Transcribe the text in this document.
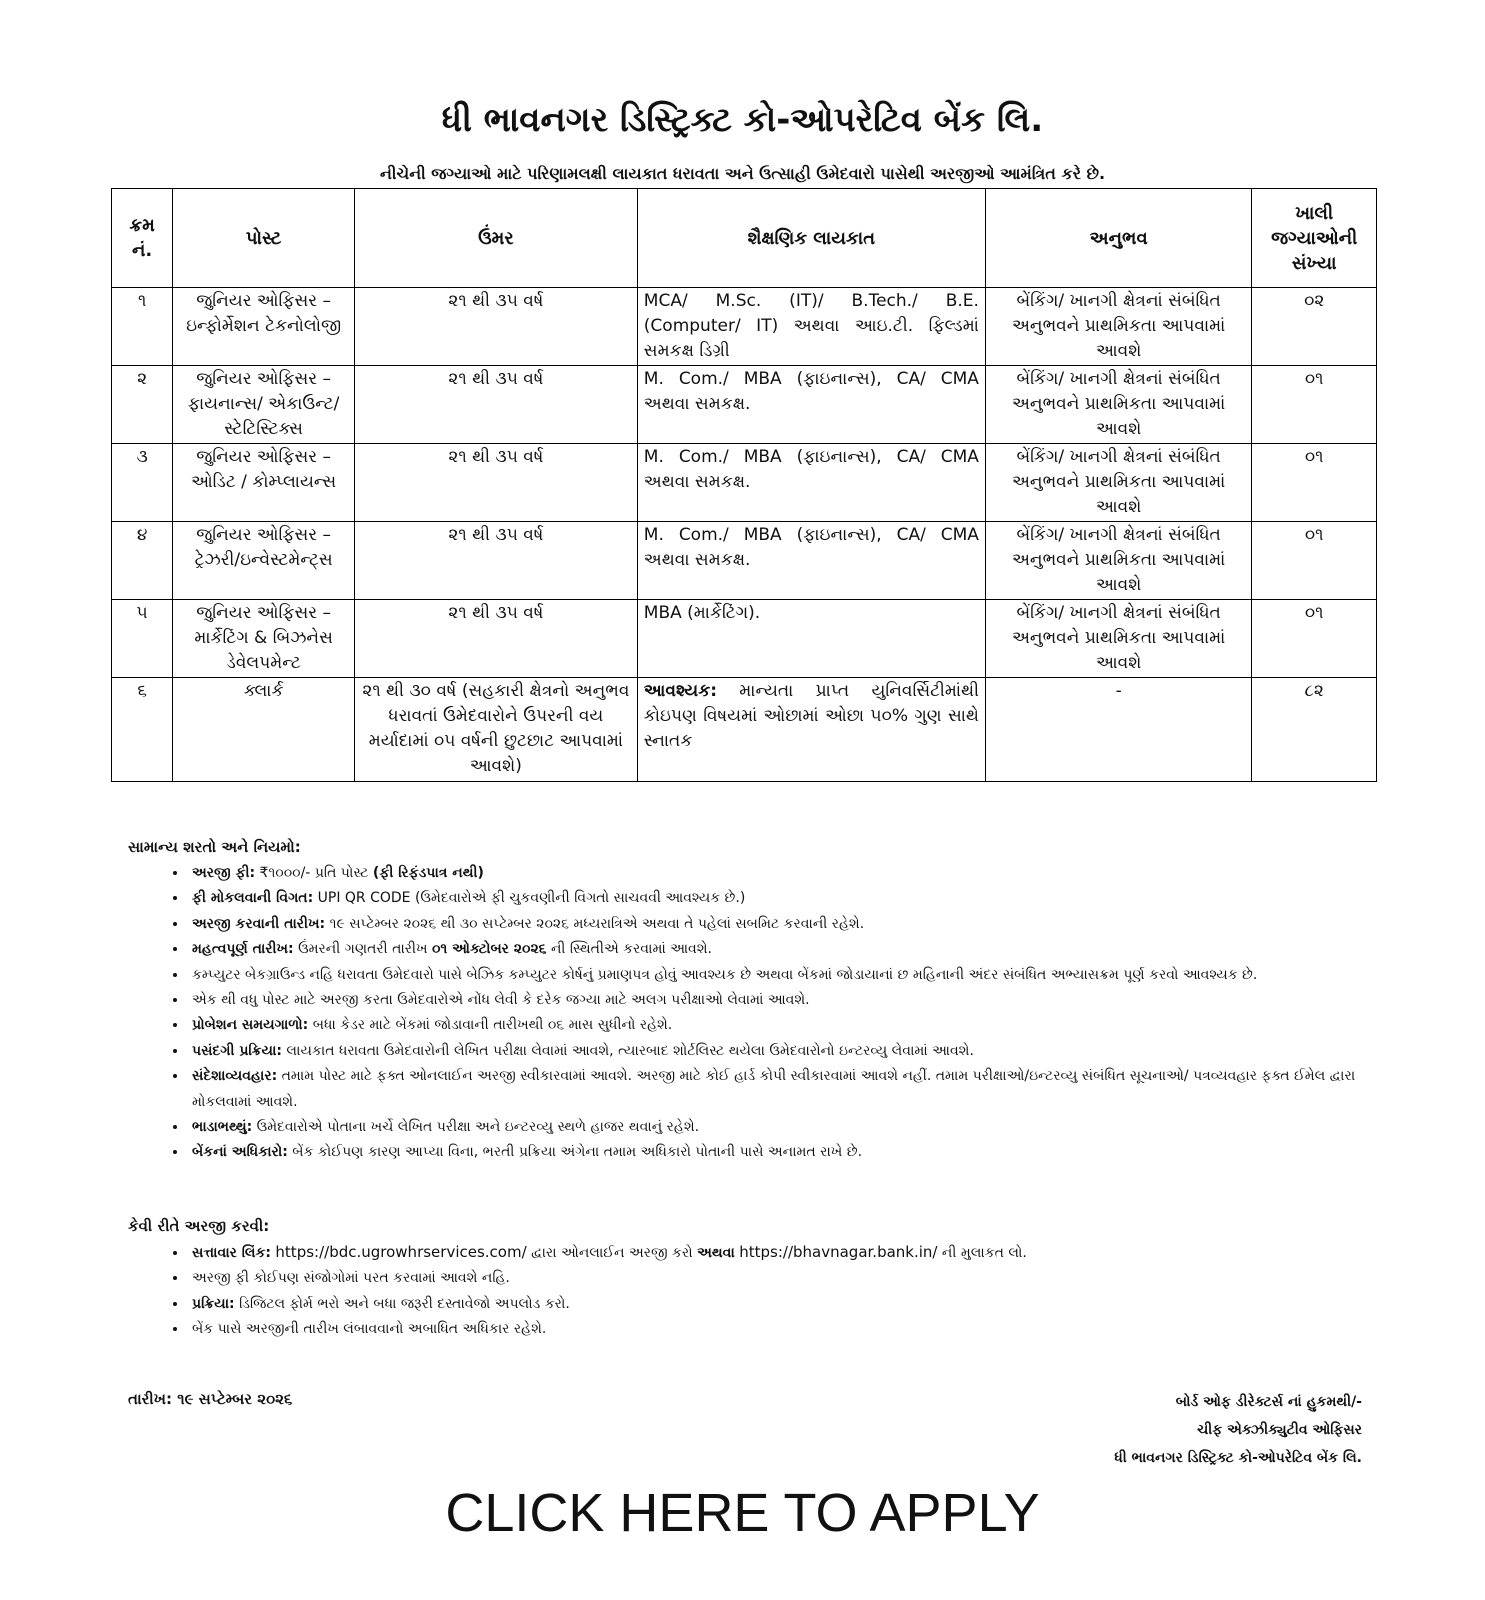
ધી ભાવનગર ડિસ્ટ્રિક્ટ કો-ઓપરેટિવ બેંક લિ.

નીચેની જગ્યાઓ માટે પરિણામલક્ષી લાયકાત ધરાવતા અને ઉત્સાહી ઉમેદવારો પાસેથી અરજીઓ આમંત્રિત કરે છે.

ક્રમ નં.	પોસ્ટ	ઉંમર	શૈક્ષણિક લાયકાત	અનુભવ	ખાલી જગ્યાઓની સંખ્યા
૧	જુનિયર ઓફિસર – ઇન્ફોર્મેશન ટેકનોલોજી	૨૧ થી ૩૫ વર્ષ	MCA/ M.Sc. (IT)/ B.Tech./ B.E. (Computer/ IT) અથવા આઇ.ટી. ફિલ્ડમાં સમકક્ષ ડિગ્રી	બેંકિંગ/ ખાનગી ક્ષેત્રનાં સંબંધિત અનુભવને પ્રાથમિકતા આપવામાં આવશે	૦૨
૨	જુનિયર ઓફિસર – ફાયનાન્સ/ એકાઉન્ટ/સ્ટેટિસ્ટિક્સ	૨૧ થી ૩૫ વર્ષ	M. Com./ MBA (ફાઇનાન્સ), CA/ CMA અથવા સમકક્ષ.	બેંકિંગ/ ખાનગી ક્ષેત્રનાં સંબંધિત અનુભવને પ્રાથમિકતા આપવામાં આવશે	૦૧
૩	જુનિયર ઓફિસર – ઓડિટ / કોમ્પ્લાયન્સ	૨૧ થી ૩૫ વર્ષ	M. Com./ MBA (ફાઇનાન્સ), CA/ CMA અથવા સમકક્ષ.	બેંકિંગ/ ખાનગી ક્ષેત્રનાં સંબંધિત અનુભવને પ્રાથમિકતા આપવામાં આવશે	૦૧
૪	જુનિયર ઓફિસર – ટ્રેઝરી/ઇન્વેસ્ટમેન્ટ્સ	૨૧ થી ૩૫ વર્ષ	M. Com./ MBA (ફાઇનાન્સ), CA/ CMA અથવા સમકક્ષ.	બેંકિંગ/ ખાનગી ક્ષેત્રનાં સંબંધિત અનુભવને પ્રાથમિકતા આપવામાં આવશે	૦૧
૫	જુનિયર ઓફિસર – માર્કેટિંગ & બિઝનેસ ડેવેલપમેન્ટ	૨૧ થી ૩૫ વર્ષ	MBA (માર્કેટિંગ).	બેંકિંગ/ ખાનગી ક્ષેત્રનાં સંબંધિત અનુભવને પ્રાથમિકતા આપવામાં આવશે	૦૧
૬	ક્લાર્ક	૨૧ થી ૩૦ વર્ષ (સહકારી ક્ષેત્રનો અનુભવ ધરાવતાં ઉમેદવારોને ઉપરની વય મર્યાદામાં ૦૫ વર્ષની છુટછાટ આપવામાં આવશે)	આવશ્યક: માન્યતા પ્રાપ્ત યુનિવર્સિટીમાંથી કોઇપણ વિષયમાં ઓછામાં ઓછા ૫૦% ગુણ સાથે સ્નાતક	-	૮૨

સામાન્ય શરતો અને નિયમો:

• અરજી ફી: ₹૧૦૦૦/- પ્રતિ પોસ્ટ (ફી રિફંડપાત્ર નથી)
• ફી મોકલવાની વિગત: UPI QR CODE (ઉમેદવારોએ ફી ચુકવણીની વિગતો સાચવવી આવશ્યક છે.)
• અરજી કરવાની તારીખ: ૧૯ સપ્ટેમ્બર ૨૦૨૬ થી ૩૦ સપ્ટેમ્બર ૨૦૨૬ મધ્યરાત્રિએ અથવા તે પહેલાં સબમિટ કરવાની રહેશે.
• મહત્વપૂર્ણ તારીખ: ઉંમરની ગણતરી તારીખ ૦૧ ઓક્ટોબર ૨૦૨૬ ની સ્થિતીએ કરવામાં આવશે.
• કમ્પ્યુટર બેકગ્રાઉન્ડ નહિ ધરાવતા ઉમેદવારો પાસે બેઝિક કમ્પ્યુટર કોર્ષનું પ્રમાણપત્ર હોવું આવશ્યક છે અથવા બેંકમાં જોડાયાનાં છ મહિનાની અંદર સંબંધિત અભ્યાસક્રમ પૂર્ણ કરવો આવશ્યક છે.
• એક થી વધુ પોસ્ટ માટે અરજી કરતા ઉમેદવારોએ નોંધ લેવી કે દરેક જગ્યા માટે અલગ પરીક્ષાઓ લેવામાં આવશે.
• પ્રોબેશન સમયગાળો: બધા કેડર માટે બેંકમાં જોડાવાની તારીખથી ૦૬ માસ સુધીનો રહેશે.
• પસંદગી પ્રક્રિયા: લાયકાત ધરાવતા ઉમેદવારોની લેખિત પરીક્ષા લેવામાં આવશે, ત્યારબાદ શોર્ટલિસ્ટ થયેલા ઉમેદવારોનો ઇન્ટરવ્યુ લેવામાં આવશે.
• સંદેશાવ્યવહાર: તમામ પોસ્ટ માટે ફક્ત ઓનલાઈન અરજી સ્વીકારવામાં આવશે. અરજી માટે કોઈ હાર્ડ કોપી સ્વીકારવામાં આવશે નહીં. તમામ પરીક્ષાઓ/ઇન્ટરવ્યુ સંબંધિત સૂચનાઓ/ પત્રવ્યવહાર ફક્ત ઈમેલ દ્વારા મોકલવામાં આવશે.
• ભાડાભથ્થું: ઉમેદવારોએ પોતાના ખર્ચે લેખિત પરીક્ષા અને ઇન્ટરવ્યુ સ્થળે હાજર થવાનું રહેશે.
• બેંકનાં અધિકારો: બેંક કોઈપણ કારણ આપ્યા વિના, ભરતી પ્રક્રિયા અંગેના તમામ અધિકારો પોતાની પાસે અનામત રાખે છે.

કેવી રીતે અરજી કરવી:

• સત્તાવાર લિંક: https://bdc.ugrowhrservices.com/ દ્વારા ઓનલાઈન અરજી કરો અથવા https://bhavnagar.bank.in/ ની મુલાકત લો.
• અરજી ફી કોઈપણ સંજોગોમાં પરત કરવામાં આવશે નહિ.
• પ્રક્રિયા: ડિજિટલ ફોર્મ ભરો અને બધા જરૂરી દસ્તાવેજો અપલોડ કરો.
• બેંક પાસે અરજીની તારીખ લંબાવવાનો અબાધિત અધિકાર રહેશે.

તારીખ: ૧૯ સપ્ટેમ્બર ૨૦૨૬	બોર્ડ ઓફ ડીરેક્ટર્સ નાં હુકમથી/-
ચીફ એક્ઝીક્યુટીવ ઓફિસર
ધી ભાવનગર ડિસ્ટ્રિક્ટ કો-ઓપરેટિવ બેંક લિ.
CLICK HERE TO APPLY
